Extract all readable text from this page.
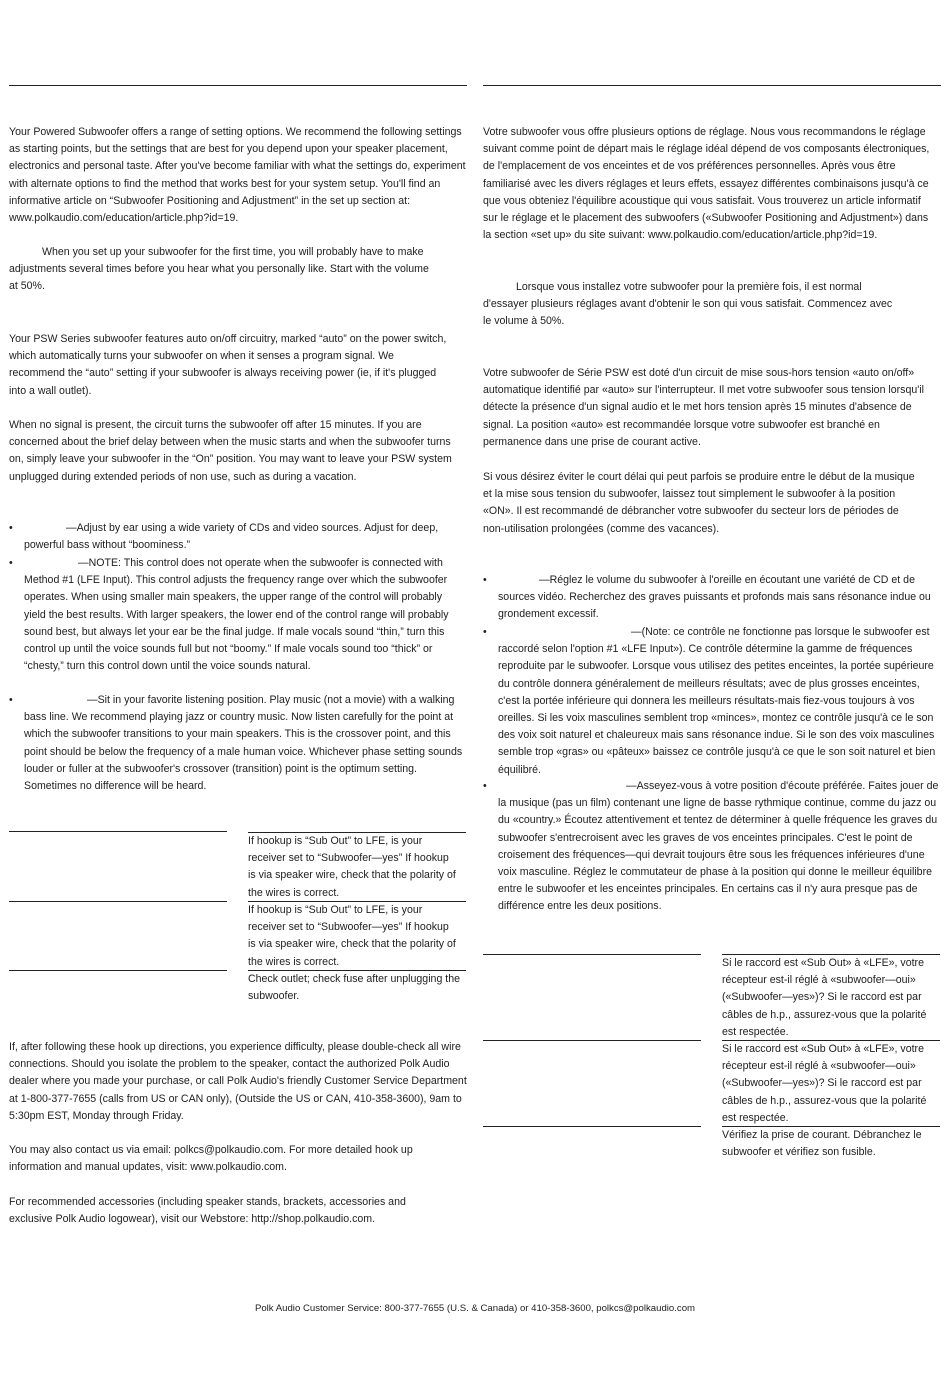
Your Powered Subwoofer offers a range of setting options. We recommend the following settings as starting points, but the settings that are best for you depend upon your speaker placement, electronics and personal taste. After you've become familiar with what the settings do, experiment with alternate options to find the method that works best for your system setup. You'll find an informative article on “Subwoofer Positioning and Adjustment” in the set up section at: www.polkaudio.com/education/article.php?id=19.

When you set up your subwoofer for the first time, you will probably have to make adjustments several times before you hear what you personally like. Start with the volume at 50%.

Your PSW Series subwoofer features auto on/off circuitry, marked “auto” on the power switch, which automatically turns your subwoofer on when it senses a program signal. We recommend the “auto” setting if your subwoofer is always receiving power (ie, if it's plugged into a wall outlet).

When no signal is present, the circuit turns the subwoofer off after 15 minutes. If you are concerned about the brief delay between when the music starts and when the subwoofer turns on, simply leave your subwoofer in the “On” position. You may want to leave your PSW system unplugged during extended periods of non use, such as during a vacation.

•	—Adjust by ear using a wide variety of CDs and video sources. Adjust for deep, powerful bass without “boominess.”
•	—NOTE: This control does not operate when the subwoofer is connected with Method #1 (LFE Input). This control adjusts the frequency range over which the subwoofer operates. When using smaller main speakers, the upper range of the control will probably yield the best results. With larger speakers, the lower end of the control range will probably sound best, but always let your ear be the final judge. If male vocals sound “thin,” turn this control up until the voice sounds full but not “boomy.” If male vocals sound too “thick” or “chesty,” turn this control down until the voice sounds natural.
•	—Sit in your favorite listening position. Play music (not a movie) with a walking bass line. We recommend playing jazz or country music. Now listen carefully for the point at which the subwoofer transitions to your main speakers. This is the crossover point, and this point should be below the frequency of a male human voice. Whichever phase setting sounds louder or fuller at the subwoofer's crossover (transition) point is the optimum setting. Sometimes no difference will be heard.
If hookup is “Sub Out” to LFE, is your receiver set to “Subwoofer—yes” If hookup is via speaker wire, check that the polarity of the wires is correct.
If hookup is “Sub Out” to LFE, is your receiver set to “Subwoofer—yes” If hookup is via speaker wire, check that the polarity of the wires is correct.
Check outlet; check fuse after unplugging the subwoofer.

If, after following these hook up directions, you experience difficulty, please double-check all wire connections. Should you isolate the problem to the speaker, contact the authorized Polk Audio dealer where you made your purchase, or call Polk Audio's friendly Customer Service Department at 1-800-377-7655 (calls from US or CAN only), (Outside the US or CAN, 410-358-3600), 9am to 5:30pm EST, Monday through Friday.

You may also contact us via email: polkcs@polkaudio.com. For more detailed hook up information and manual updates, visit: www.polkaudio.com.

For recommended accessories (including speaker stands, brackets, accessories and exclusive Polk Audio logowear), visit our Webstore: http://shop.polkaudio.com.

Votre subwoofer vous offre plusieurs options de réglage. Nous vous recommandons le réglage suivant comme point de départ mais le réglage idéal dépend de vos composants électroniques, de l'emplacement de vos enceintes et de vos préférences personnelles. Après vous être familiarisé avec les divers réglages et leurs effets, essayez différentes combinaisons jusqu'à ce que vous obteniez l'équilibre acoustique qui vous satisfait. Vous trouverez un article informatif sur le réglage et le placement des subwoofers («Subwoofer Positioning and Adjustment») dans la section «set up» du site suivant: www.polkaudio.com/education/article.php?id=19.

Lorsque vous installez votre subwoofer pour la première fois, il est normal d'essayer plusieurs réglages avant d'obtenir le son qui vous satisfait. Commencez avec le volume à 50%.

Votre subwoofer de Série PSW est doté d'un circuit de mise sous-hors tension «auto on/off» automatique identifié par «auto» sur l'interrupteur. Il met votre subwoofer sous tension lorsqu'il détecte la présence d'un signal audio et le met hors tension après 15 minutes d'absence de signal. La position «auto» est recommandée lorsque votre subwoofer est branché en permanence dans une prise de courant active.

Si vous désirez éviter le court délai qui peut parfois se produire entre le début de la musique et la mise sous tension du subwoofer, laissez tout simplement le subwoofer à la position «ON». Il est recommandé de débrancher votre subwoofer du secteur lors de périodes de non-utilisation prolongées (comme des vacances).

•	—Réglez le volume du subwoofer à l'oreille en écoutant une variété de CD et de sources vidéo. Recherchez des graves puissants et profonds mais sans résonance indue ou grondement excessif.
•	—(Note: ce contrôle ne fonctionne pas lorsque le subwoofer est raccordé selon l'option #1 «LFE Input»). Ce contrôle détermine la gamme de fréquences reproduite par le subwoofer. Lorsque vous utilisez des petites enceintes, la portée supérieure du contrôle donnera généralement de meilleurs résultats; avec de plus grosses enceintes, c'est la portée inférieure qui donnera les meilleurs résultats-mais fiez-vous toujours à vos oreilles. Si les voix masculines semblent trop «minces», montez ce contrôle jusqu'à ce le son des voix soit naturel et chaleureux mais sans résonance indue. Si le son des voix masculines semble trop «gras» ou «pâteux» baissez ce contrôle jusqu'à ce que le son soit naturel et bien équilibré.
•	—Asseyez-vous à votre position d'écoute préférée. Faites jouer de la musique (pas un film) contenant une ligne de basse rythmique continue, comme du jazz ou du «country.» Écoutez attentivement et tentez de déterminer à quelle fréquence les graves du subwoofer s'entrecroisent avec les graves de vos enceintes principales. C'est le point de croisement des fréquences—qui devrait toujours être sous les fréquences inférieures d'une voix masculine. Réglez le commutateur de phase à la position qui donne le meilleur équilibre entre le subwoofer et les enceintes principales. En certains cas il n'y aura presque pas de différence entre les deux positions.
Si le raccord est «Sub Out» à «LFE», votre récepteur est-il réglé à «subwoofer—oui» («Subwoofer—yes»)? Si le raccord est par câbles de h.p., assurez-vous que la polarité est respectée.
Si le raccord est «Sub Out» à «LFE», votre récepteur est-il réglé à «subwoofer—oui» («Subwoofer—yes»)? Si le raccord est par câbles de h.p., assurez-vous que la polarité est respectée.
Vérifiez la prise de courant. Débranchez le subwoofer et vérifiez son fusible.
Polk Audio Customer Service: 800-377-7655 (U.S. & Canada) or 410-358-3600, polkcs@polkaudio.com
